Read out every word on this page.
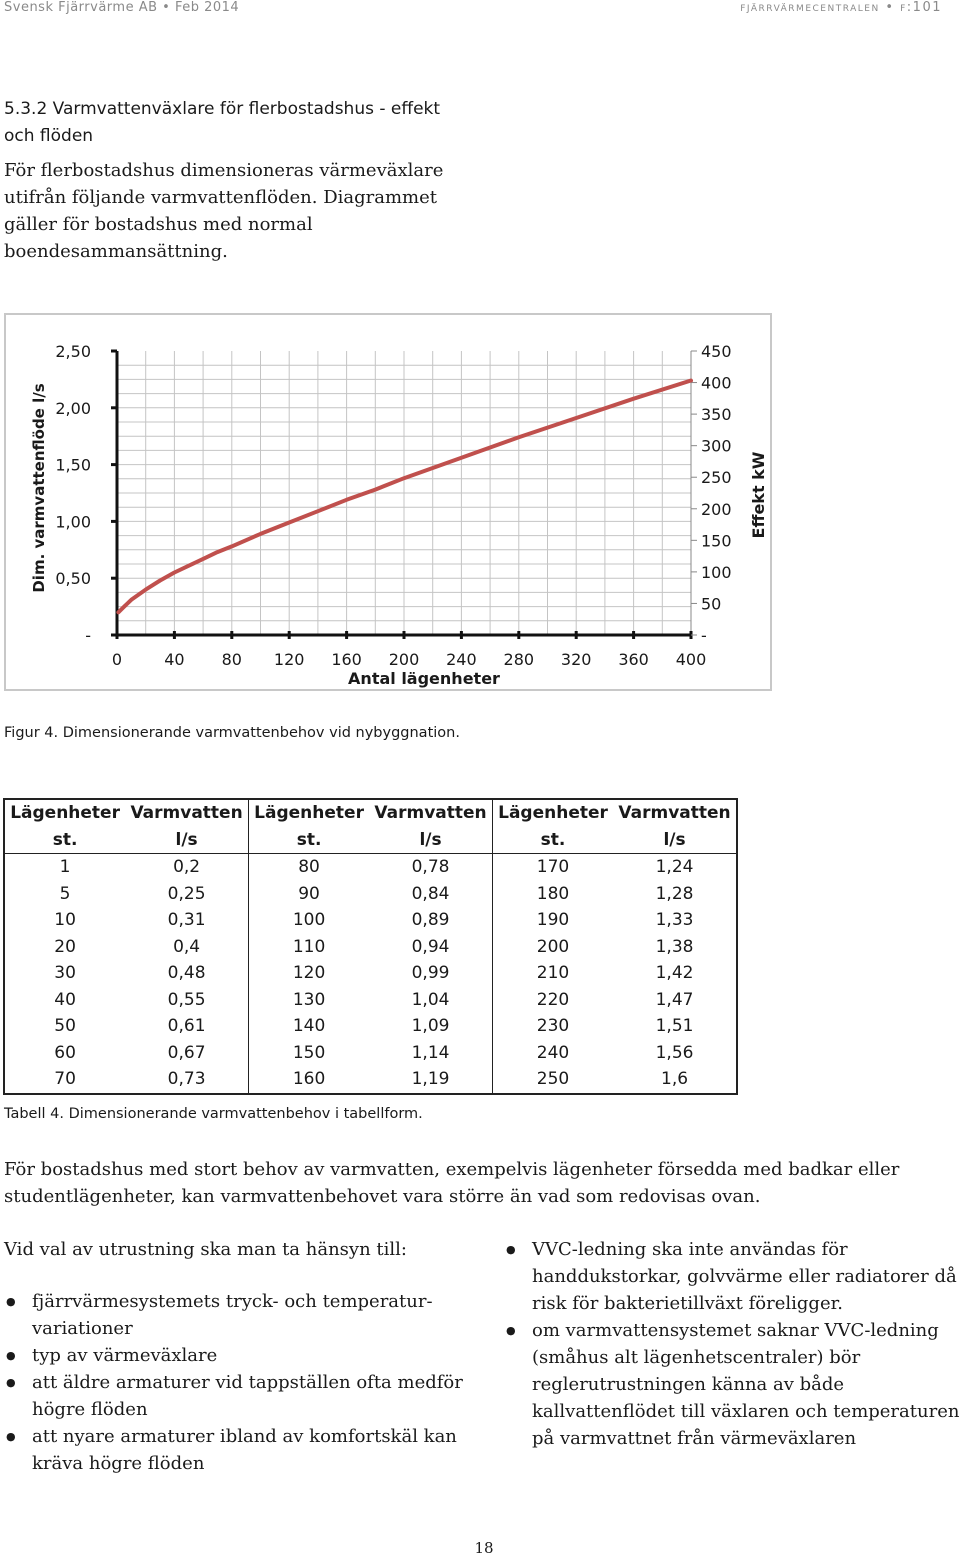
Svensk Fjärrvärme AB • Feb 2014	fjärrvärmecentralen • f:101
5.3.2 Varmvattenväxlare för flerbostadshus - effekt och flöden
För flerbostadshus dimensioneras värmeväxlare utifrån följande varmvattenflöden. Diagrammet gäller för bostadshus med normal boendesammansättning.
0	40 80 120 160 200 240 280 320 360 400
-
0,50
1,00
1,50
2,00
2,50
-
50
100
150
200
250
300
350
400
450
Antal lägenheter
Dim. varmvattenflöde l/s	Effekt kW
Figur 4. Dimensionerande varmvattenbehov vid nybyggnation.
Lägenheter	Varmvatten	Lägenheter	Varmvatten	Lägenheter	Varmvatten
st.	l/s	st.	l/s	st.	l/s
1	0,2	80	0,78	170	1,24
5	0,25	90	0,84	180	1,28
10	0,31	100	0,89	190	1,33
20	0,4	110	0,94	200	1,38
30	0,48	120	0,99	210	1,42
40	0,55	130	1,04	220	1,47
50	0,61	140	1,09	230	1,51
60	0,67	150	1,14	240	1,56
70	0,73	160	1,19	250	1,6
Tabell 4. Dimensionerande varmvattenbehov i tabellform.
För bostadshus med stort behov av varmvatten, exempelvis lägenheter försedda med badkar eller studentlägenheter, kan varmvattenbehovet vara större än vad som redovisas ovan.
Vid val av utrustning ska man ta hänsyn till:
● fjärrvärmesystemets tryck- och temperaturvariationer
● typ av värmeväxlare
● att äldre armaturer vid tappställen ofta medför högre flöden
● att nyare armaturer ibland av komfortskäl kan kräva högre flöden
● VVC-ledning ska inte användas för handdukstorkar, golvvärme eller radiatorer då risk för bakterietillväxt föreligger.
● om varmvattensystemet saknar VVC-ledning (småhus alt lägenhetscentraler) bör reglerutrustningen känna av både kallvattenflödet till växlaren och temperaturen på varmvattnet från värmeväxlaren
18
